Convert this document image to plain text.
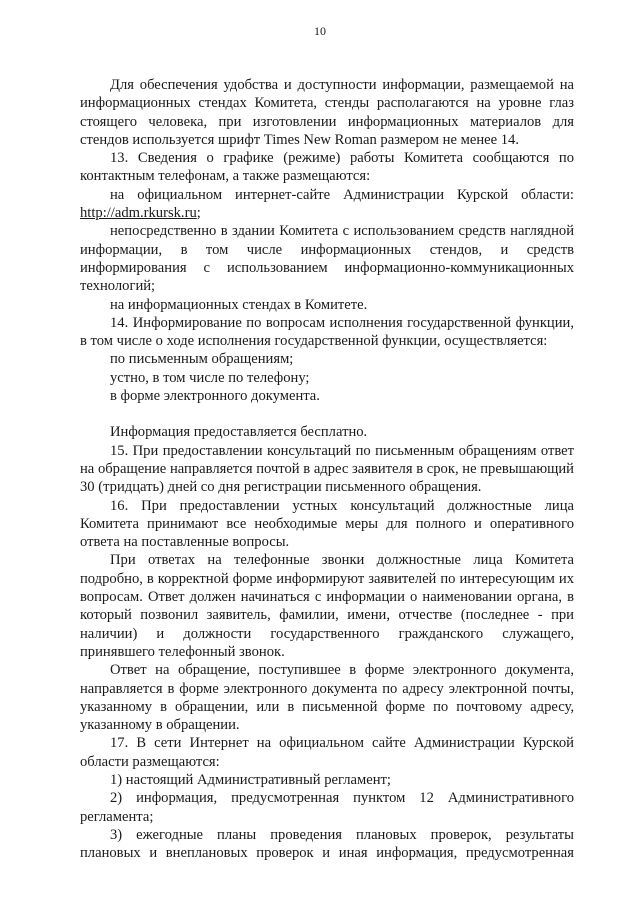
10

Для обеспечения удобства и доступности информации, размещаемой на информационных стендах Комитета, стенды располагаются на уровне глаз стоящего человека, при изготовлении информационных материалов для стендов используется шрифт Times New Roman размером не менее 14.

13. Сведения о графике (режиме) работы Комитета сообщаются по контактным телефонам, а также размещаются:

на официальном интернет-сайте Администрации Курской области: http://adm.rkursk.ru;

непосредственно в здании Комитета с использованием средств наглядной информации, в том числе информационных стендов, и средств информирования с использованием информационно-коммуникационных технологий;

на информационных стендах в Комитете.

14. Информирование по вопросам исполнения государственной функции, в том числе о ходе исполнения государственной функции, осуществляется:

по письменным обращениям;

устно, в том числе по телефону;

в форме электронного документа.

Информация предоставляется бесплатно.

15. При предоставлении консультаций по письменным обращениям ответ на обращение направляется почтой в адрес заявителя в срок, не превышающий 30 (тридцать) дней со дня регистрации письменного обращения.

16. При предоставлении устных консультаций должностные лица Комитета принимают все необходимые меры для полного и оперативного ответа на поставленные вопросы.

При ответах на телефонные звонки должностные лица Комитета подробно, в корректной форме информируют заявителей по интересующим их вопросам. Ответ должен начинаться с информации о наименовании органа, в который позвонил заявитель, фамилии, имени, отчестве (последнее - при наличии) и должности государственного гражданского служащего, принявшего телефонный звонок.

Ответ на обращение, поступившее в форме электронного документа, направляется в форме электронного документа по адресу электронной почты, указанному в обращении, или в письменной форме по почтовому адресу, указанному в обращении.

17. В сети Интернет на официальном сайте Администрации Курской области размещаются:

1) настоящий Административный регламент;

2) информация, предусмотренная пунктом 12 Административного регламента;

3) ежегодные планы проведения плановых проверок, результаты плановых и внеплановых проверок и иная информация, предусмотренная
